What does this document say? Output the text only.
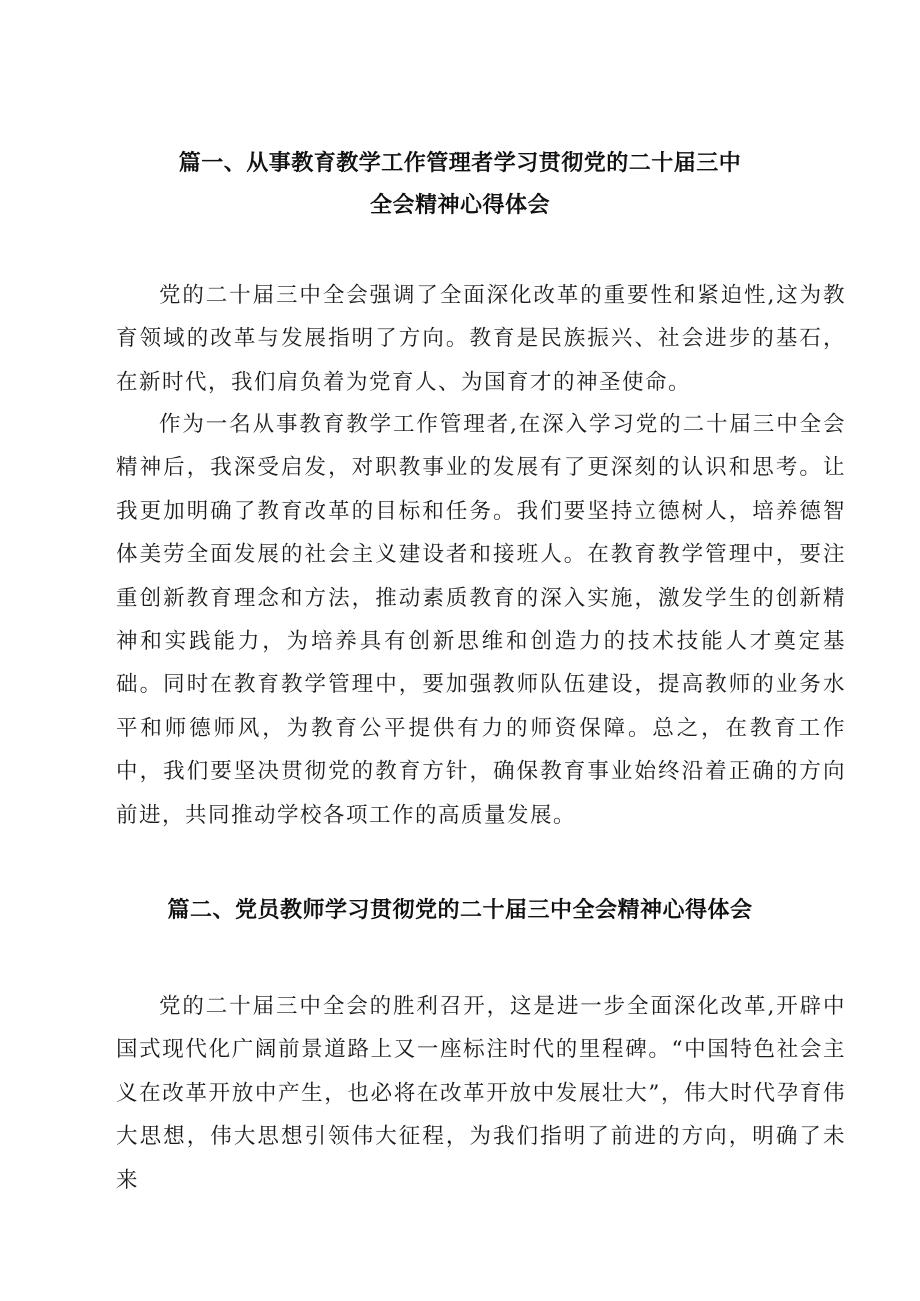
篇一、从事教育教学工作管理者学习贯彻党的二十届三中
全会精神心得体会

党的二十届三中全会强调了全面深化改革的重要性和紧迫性,这为教育领域的改革与发展指明了方向。教育是民族振兴、社会进步的基石，在新时代，我们肩负着为党育人、为国育才的神圣使命。

作为一名从事教育教学工作管理者,在深入学习党的二十届三中全会精神后，我深受启发，对职教事业的发展有了更深刻的认识和思考。让我更加明确了教育改革的目标和任务。我们要坚持立德树人，培养德智体美劳全面发展的社会主义建设者和接班人。在教育教学管理中，要注重创新教育理念和方法，推动素质教育的深入实施，激发学生的创新精神和实践能力，为培养具有创新思维和创造力的技术技能人才奠定基础。同时在教育教学管理中，要加强教师队伍建设，提高教师的业务水平和师德师风，为教育公平提供有力的师资保障。总之，在教育工作中，我们要坚决贯彻党的教育方针，确保教育事业始终沿着正确的方向前进，共同推动学校各项工作的高质量发展。

篇二、党员教师学习贯彻党的二十届三中全会精神心得体会

党的二十届三中全会的胜利召开，这是进一步全面深化改革,开辟中国式现代化广阔前景道路上又一座标注时代的里程碑。“中国特色社会主义在改革开放中产生，也必将在改革开放中发展壮大”，伟大时代孕育伟大思想，伟大思想引领伟大征程，为我们指明了前进的方向，明确了未来
